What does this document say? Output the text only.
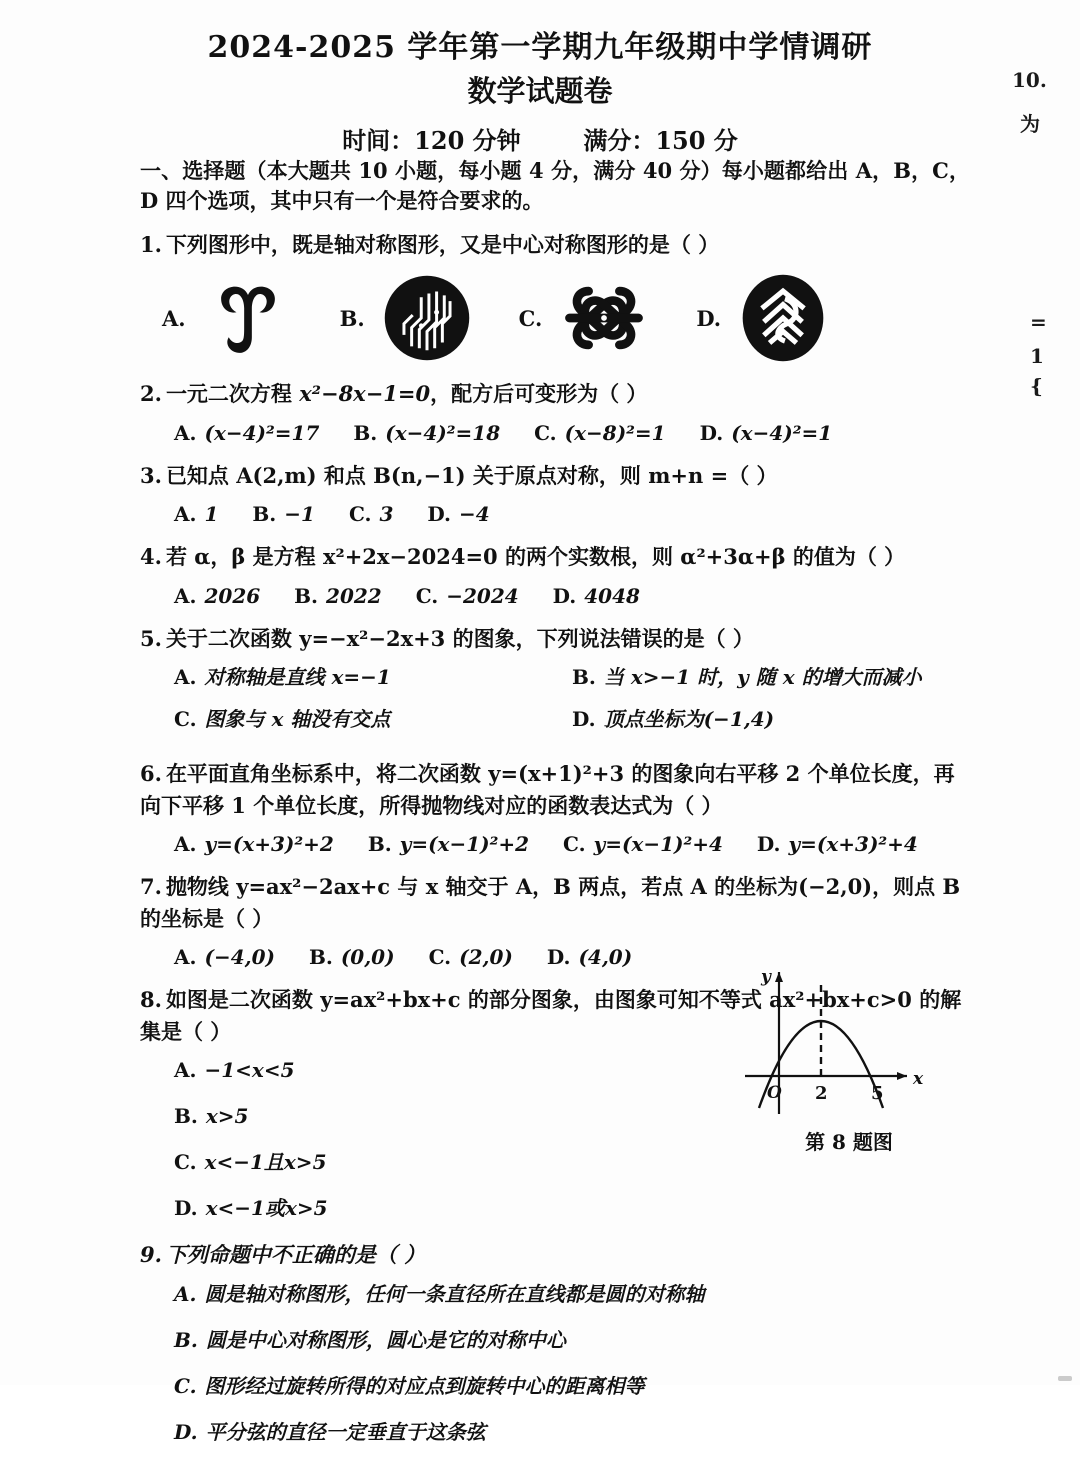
2024-2025 学年第一学期九年级期中学情调研
数学试题卷
时间：120 分钟	满分：150 分
一、选择题（本大题共 10 小题，每小题 4 分，满分 40 分）每小题都给出 A，B，C，D 四个选项，其中只有一个是符合要求的。
1. 下列图形中，既是轴对称图形，又是中心对称图形的是（ ）
A.	B.	C.	D.
2. 一元二次方程 x²−8x−1=0，配方后可变形为（ ）
A. (x−4)²=17 B. (x−4)²=18 C. (x−8)²=1 D. (x−4)²=1
3. 已知点 A(2,m) 和点 B(n,−1) 关于原点对称，则 m+n =（ ）
A. 1 B. −1 C. 3 D. −4
4. 若 α，β 是方程 x²+2x−2024=0 的两个实数根，则 α²+3α+β 的值为（ ）
A. 2026 B. 2022 C. −2024 D. 4048
5. 关于二次函数 y=−x²−2x+3 的图象，下列说法错误的是（ ）
A. 对称轴是直线 x=−1	B. 当 x>−1 时，y 随 x 的增大而减小
C. 图象与 x 轴没有交点	D. 顶点坐标为(−1,4)
6. 在平面直角坐标系中，将二次函数 y=(x+1)²+3 的图象向右平移 2 个单位长度，再向下平移 1 个单位长度，所得抛物线对应的函数表达式为（ ）
A. y=(x+3)²+2 B. y=(x−1)²+2 C. y=(x−1)²+4 D. y=(x+3)²+4
7. 抛物线 y=ax²−2ax+c 与 x 轴交于 A，B 两点，若点 A 的坐标为(−2,0)，则点 B 的坐标是（ ）
A. (−4,0) B. (0,0) C. (2,0) D. (4,0)
8. 如图是二次函数 y=ax²+bx+c 的部分图象，由图象可知不等式 ax²+bx+c>0 的解集是（ ）
A. −1<x<5
B. x>5
C. x<−1且x>5
D. x<−1或x>5
9. 下列命题中不正确的是（ ）
A. 圆是轴对称图形，任何一条直径所在直线都是圆的对称轴
B. 圆是中心对称图形，圆心是它的对称中心
C. 图形经过旋转所得的对应点到旋转中心的距离相等
D. 平分弦的直径一定垂直于这条弦
y
x
O 2 5
第 8 题图
10.
为
=
1
{
